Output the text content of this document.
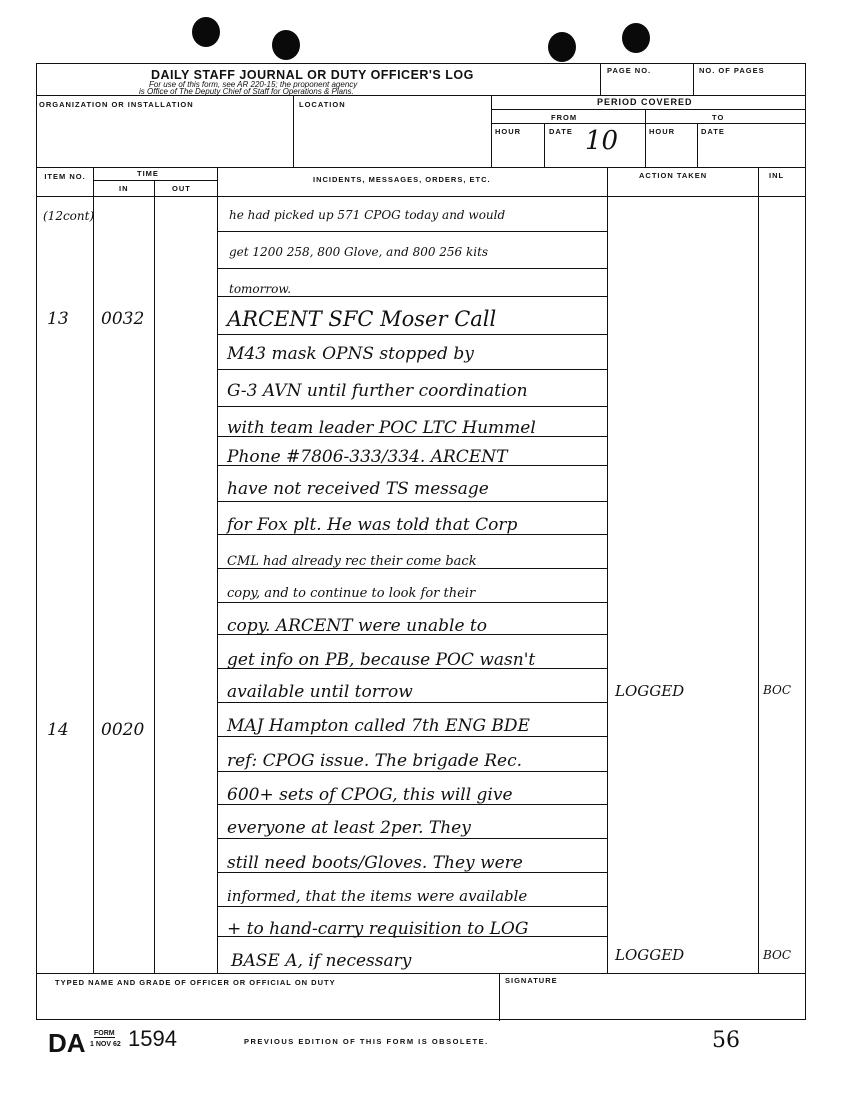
DAILY STAFF JOURNAL OR DUTY OFFICER'S LOG
For use of this form, see AR 220-15; the proponent agency
is Office of The Deputy Chief of Staff for Operations & Plans.
PAGE NO.	NO. OF PAGES
ORGANIZATION OR INSTALLATION	LOCATION	PERIOD COVERED
FROM	TO
HOUR	DATE	HOUR	DATE
10
ITEM NO.	TIME
IN	OUT
INCIDENTS, MESSAGES, ORDERS, ETC.	ACTION TAKEN	INL
TYPED NAME AND GRADE OF OFFICER OR OFFICIAL ON DUTY	SIGNATURE
(12cont)	he had picked up 571 CPOG today and would
get 1200 258, 800 Glove, and 800 256 kits
tomorrow.
13 0032	ARCENT SFC Moser Call
M43 mask OPNS stopped by
G-3 AVN until further coordination
with team leader POC LTC Hummel
Phone #7806-333/334. ARCENT
have not received TS message
for Fox plt. He was told that Corp
CML had already rec their come back
copy, and to continue to look for their
copy. ARCENT were unable to
get info on PB, because POC wasn't
available until torrow	LOGGED	BOC
14 0020	MAJ Hampton called 7th ENG BDE
ref: CPOG issue. The brigade Rec.
600+ sets of CPOG, this will give
everyone at least 2per. They
still need boots/Gloves. They were
informed, that the items were available
+ to hand-carry requisition to LOG
BASE A, if necessary	LOGGED	BOC
DA FORM
1 NOV 62 1594	PREVIOUS EDITION OF THIS FORM IS OBSOLETE.	56
